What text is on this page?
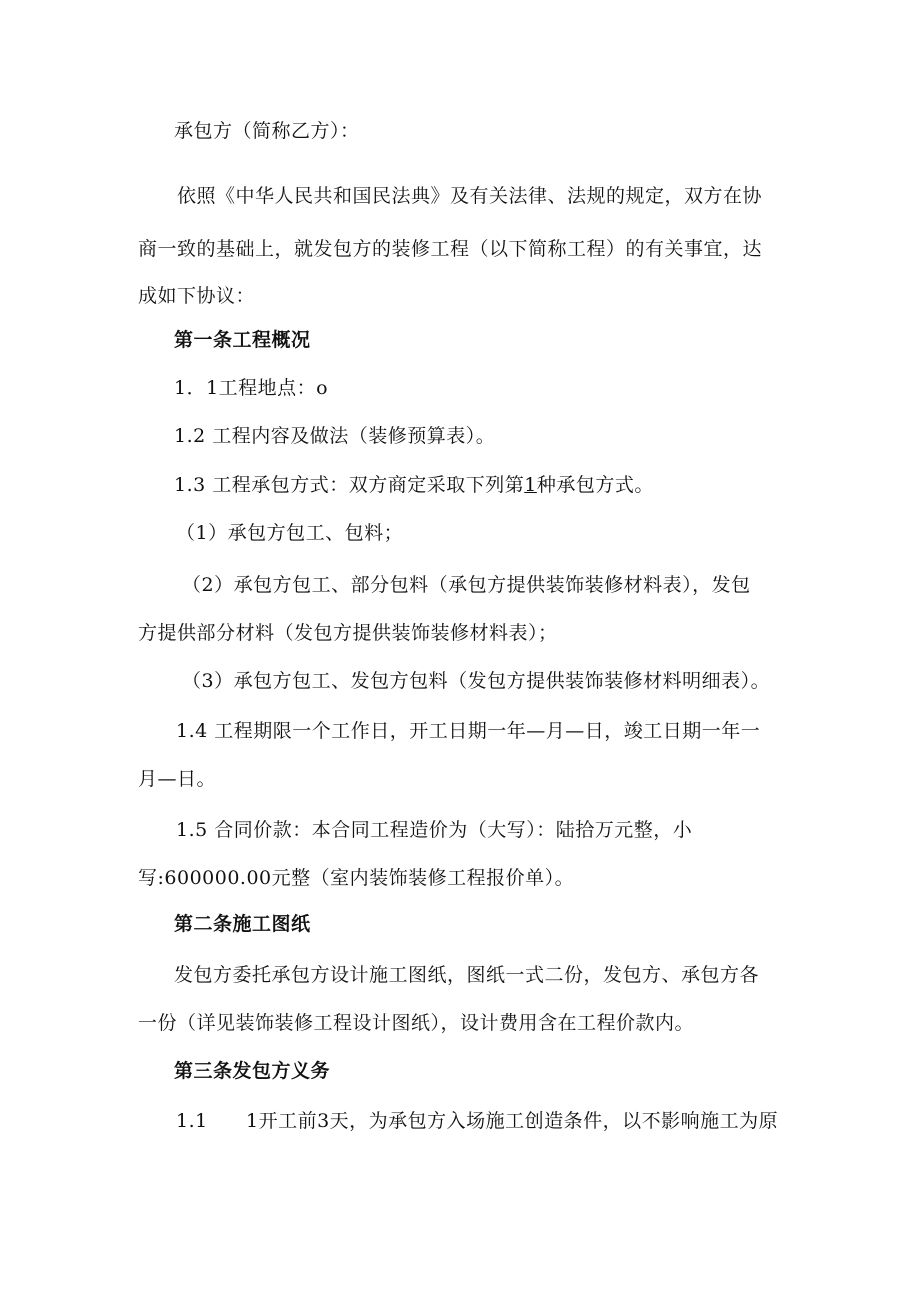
承包方（简称乙方）：
依照《中华人民共和国民法典》及有关法律、法规的规定，双方在协
商一致的基础上，就发包方的装修工程（以下简称工程）的有关事宜，达
成如下协议：
第一条工程概况
1．1工程地点：o
1.2 工程内容及做法（装修预算表）。
1.3 工程承包方式：双方商定采取下列第1种承包方式。
（1）承包方包工、包料；
（2）承包方包工、部分包料（承包方提供装饰装修材料表），发包
方提供部分材料（发包方提供装饰装修材料表）；
（3）承包方包工、发包方包料（发包方提供装饰装修材料明细表）。
1.4 工程期限一个工作日，开工日期一年—月—日，竣工日期一年一
月—日。
1.5 合同价款：本合同工程造价为（大写）：陆拾万元整，小
写:600000.00元整（室内装饰装修工程报价单）。
第二条施工图纸
发包方委托承包方设计施工图纸，图纸一式二份，发包方、承包方各
一份（详见装饰装修工程设计图纸），设计费用含在工程价款内。
第三条发包方义务
1.1 1开工前3天，为承包方入场施工创造条件，以不影响施工为原
